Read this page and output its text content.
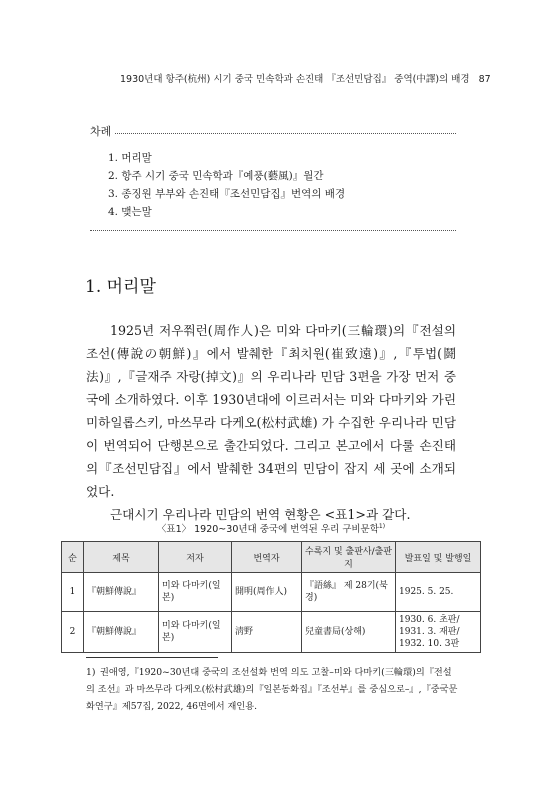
1930년대 항주(杭州) 시기 중국 민속학과 손진태 『조선민담집』 중역(中譯)의 배경 87
차례
1. 머리말
2. 항주 시기 중국 민속학과『예풍(藝風)』월간
3. 종징원 부부와 손진태『조선민담집』번역의 배경
4. 맺는말
1. 머리말

1925년 저우쭤런(周作人)은 미와 다마키(三輪環)의『전설의 조선(傳說の朝鮮)』에서 발췌한『최치원(崔致遠)』,『투법(鬪法)』,『글재주 자랑(掉文)』의 우리나라 민담 3편을 가장 먼저 중국에 소개하였다. 이후 1930년대에 이르러서는 미와 다마키와 가린 미하일롭스키, 마쓰무라 다케오(松村武雄) 가 수집한 우리나라 민담이 번역되어 단행본으로 출간되었다. 그리고 본고에서 다룰 손진태의『조선민담집』에서 발췌한 34편의 민담이 잡지 세 곳에 소개되었다.

근대시기 우리나라 민담의 번역 현황은 <표1>과 같다.

〈표1〉 1920~30년대 중국에 번역된 우리 구비문학$^{1)}$
순	제목	저자	번역자	수록지 및 출판사/출판지	발표일 및 발행일
1	『朝鮮傳說』	미와 다마키(일본)	開明(周作人)	『語絲』 제 28기(북경)	1925. 5. 25.
2	『朝鮮傳說』	미와 다마키(일본)	淸野	兒童書局(상해)	1930. 6. 초판/ 1931. 3. 재판/ 1932. 10. 3판
1) 권애영,『1920~30년대 중국의 조선설화 번역 의도 고찰–미와 다마키(三輪環)의『전설의 조선』과 마쓰무라 다케오(松村武雄)의『일본동화집』『조선부』를 중심으로–』,『중국문화연구』제57집, 2022, 46면에서 재인용.
